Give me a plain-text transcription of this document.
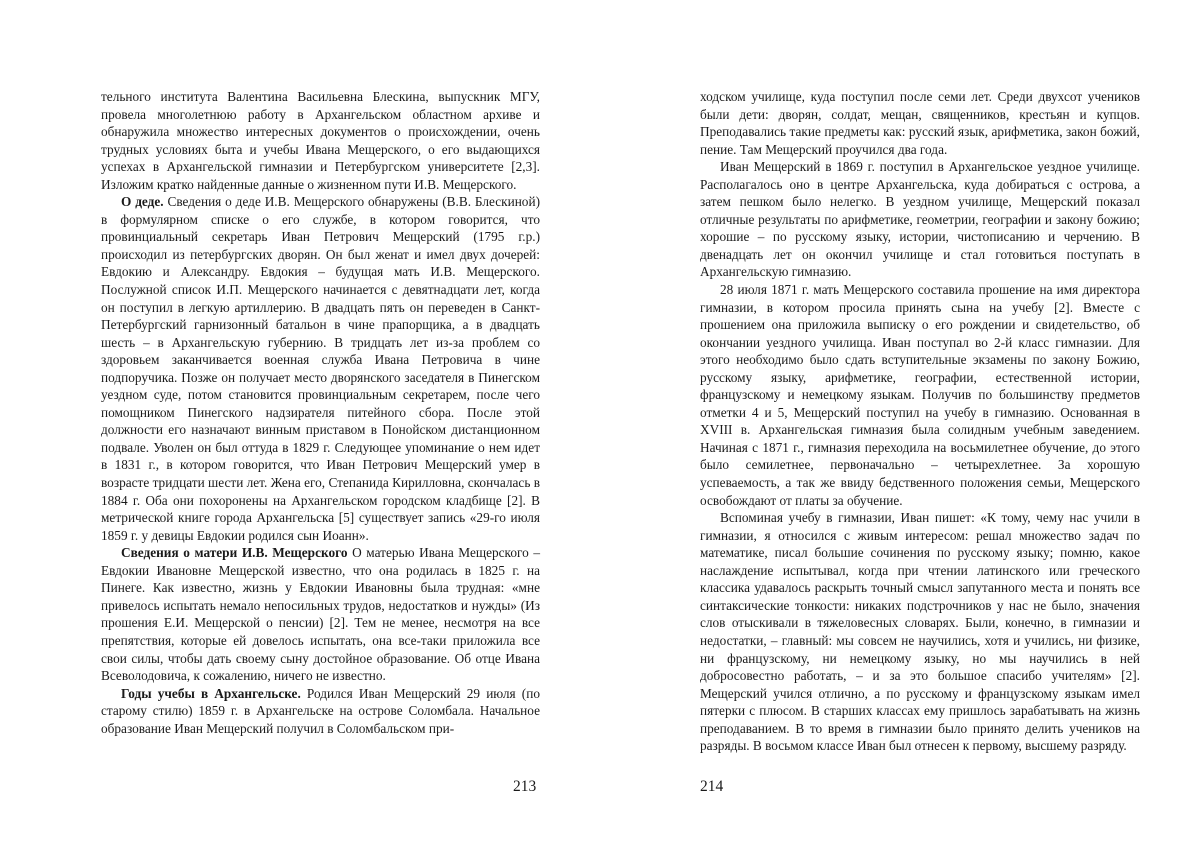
тельного института Валентина Васильевна Блескина, выпускник МГУ, провела многолетнюю работу в Архангельском областном архиве и обнаружила множество интересных документов о происхождении, очень трудных условиях быта и учебы Ивана Мещерского, о его выдающихся успехах в Архангельской гимназии и Петербургском университете [2,3]. Изложим кратко найденные данные о жизненном пути И.В. Мещерского.

О деде. Сведения о деде И.В. Мещерского обнаружены (В.В. Блескиной) в формулярном списке о его службе, в котором говорится, что провинциальный секретарь Иван Петрович Мещерский (1795 г.р.) происходил из петербургских дворян. Он был женат и имел двух дочерей: Евдокию и Александру. Евдокия – будущая мать И.В. Мещерского. Послужной список И.П. Мещерского начинается с девятнадцати лет, когда он поступил в легкую артиллерию. В двадцать пять он переведен в Санкт-Петербургский гарнизонный батальон в чине прапорщика, а в двадцать шесть – в Архангельскую губернию. В тридцать лет из-за проблем со здоровьем заканчивается военная служба Ивана Петровича в чине подпоручика. Позже он получает место дворянского заседателя в Пинегском уездном суде, потом становится провинциальным секретарем, после чего помощником Пинегского надзирателя питейного сбора. После этой должности его назначают винным приставом в Понойском дистанционном подвале. Уволен он был оттуда в 1829 г. Следующее упоминание о нем идет в 1831 г., в котором говорится, что Иван Петрович Мещерский умер в возрасте тридцати шести лет. Жена его, Степанида Кирилловна, скончалась в 1884 г. Оба они похоронены на Архангельском городском кладбище [2]. В метрической книге города Архангельска [5] существует запись «29-го июля 1859 г. у девицы Евдокии родился сын Иоанн».

Сведения о матери И.В. Мещерского О матерью Ивана Мещерского – Евдокии Ивановне Мещерской известно, что она родилась в 1825 г. на Пинеге. Как известно, жизнь у Евдокии Ивановны была трудная: «мне привелось испытать немало непосильных трудов, недостатков и нужды» (Из прошения Е.И. Мещерской о пенсии) [2]. Тем не менее, несмотря на все препятствия, которые ей довелось испытать, она все-таки приложила все свои силы, чтобы дать своему сыну достойное образование. Об отце Ивана Всеволодовича, к сожалению, ничего не известно.

Годы учебы в Архангельске. Родился Иван Мещерский 29 июля (по старому стилю) 1859 г. в Архангельске на острове Соломбала. Начальное образование Иван Мещерский получил в Соломбальском при-

ходском училище, куда поступил после семи лет. Среди двухсот учеников были дети: дворян, солдат, мещан, священников, крестьян и купцов. Преподавались такие предметы как: русский язык, арифметика, закон божий, пение. Там Мещерский проучился два года.

Иван Мещерский в 1869 г. поступил в Архангельское уездное училище. Располагалось оно в центре Архангельска, куда добираться с острова, а затем пешком было нелегко. В уездном училище, Мещерский показал отличные результаты по арифметике, геометрии, географии и закону божию; хорошие – по русскому языку, истории, чистописанию и черчению. В двенадцать лет он окончил училище и стал готовиться поступать в Архангельскую гимназию.

28 июля 1871 г. мать Мещерского составила прошение на имя директора гимназии, в котором просила принять сына на учебу [2]. Вместе с прошением она приложила выписку о его рождении и свидетельство, об окончании уездного училища. Иван поступал во 2-й класс гимназии. Для этого необходимо было сдать вступительные экзамены по закону Божию, русскому языку, арифметике, географии, естественной истории, французскому и немецкому языкам. Получив по большинству предметов отметки 4 и 5, Мещерский поступил на учебу в гимназию. Основанная в XVIII в. Архангельская гимназия была солидным учебным заведением. Начиная с 1871 г., гимназия переходила на восьмилетнее обучение, до этого было семилетнее, первоначально – четырехлетнее. За хорошую успеваемость, а так же ввиду бедственного положения семьи, Мещерского освобождают от платы за обучение.

Вспоминая учебу в гимназии, Иван пишет: «К тому, чему нас учили в гимназии, я относился с живым интересом: решал множество задач по математике, писал большие сочинения по русскому языку; помню, какое наслаждение испытывал, когда при чтении латинского или греческого классика удавалось раскрыть точный смысл запутанного места и понять все синтаксические тонкости: никаких подстрочников у нас не было, значения слов отыскивали в тяжеловесных словарях. Были, конечно, в гимназии и недостатки, – главный: мы совсем не научились, хотя и учились, ни физике, ни французскому, ни немецкому языку, но мы научились в ней добросовестно работать, – и за это большое спасибо учителям» [2]. Мещерский учился отлично, а по русскому и французскому языкам имел пятерки с плюсом. В старших классах ему пришлось зарабатывать на жизнь преподаванием. В то время в гимназии было принято делить учеников на разряды. В восьмом классе Иван был отнесен к первому, высшему разряду.

213	214
